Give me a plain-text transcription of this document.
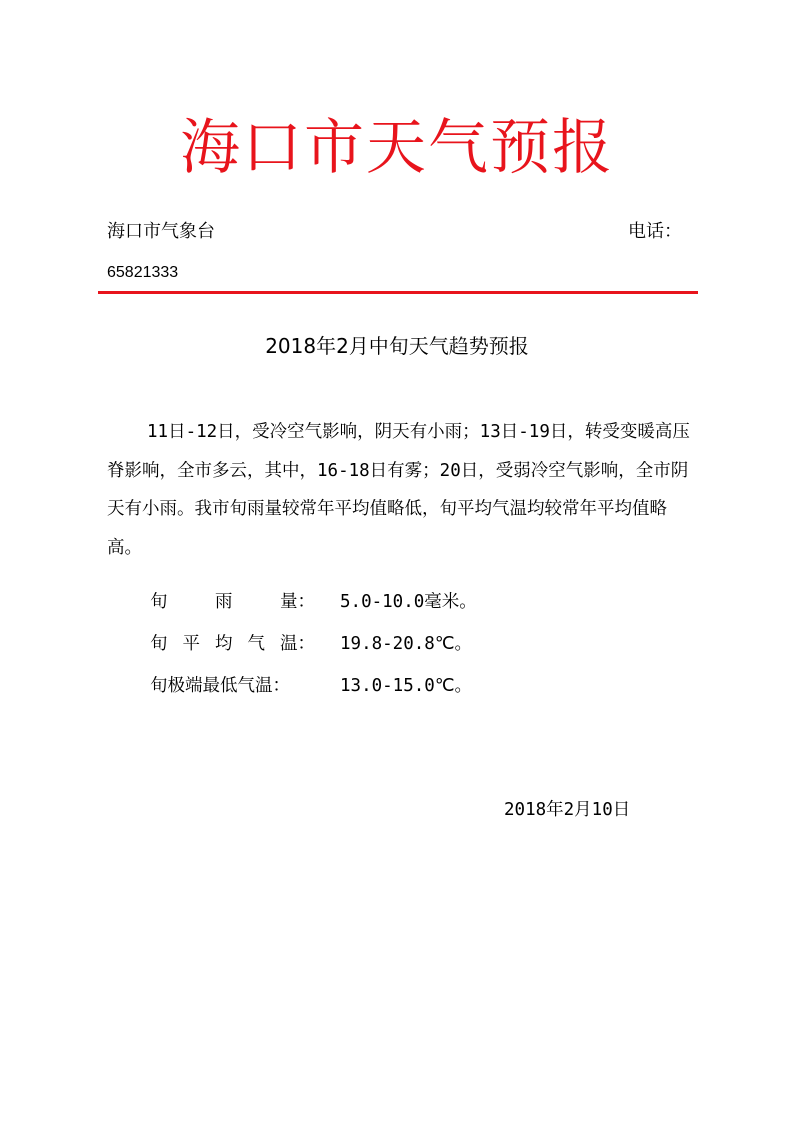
海口市天气预报
海口市气象台	电话：
65821333
2018年2月中旬天气趋势预报

11日-12日，受冷空气影响，阴天有小雨；13日-19日，转受变暖高压脊影响，全市多云，其中，16-18日有雾；20日，受弱冷空气影响，全市阴天有小雨。我市旬雨量较常年平均值略低，旬平均气温均较常年平均值略高。

旬	雨	量： 5.0-10.0毫米。
旬 平 均 气 温： 19.8-20.8℃。
旬极端最低气温：	13.0-15.0℃。
2018年2月10日
